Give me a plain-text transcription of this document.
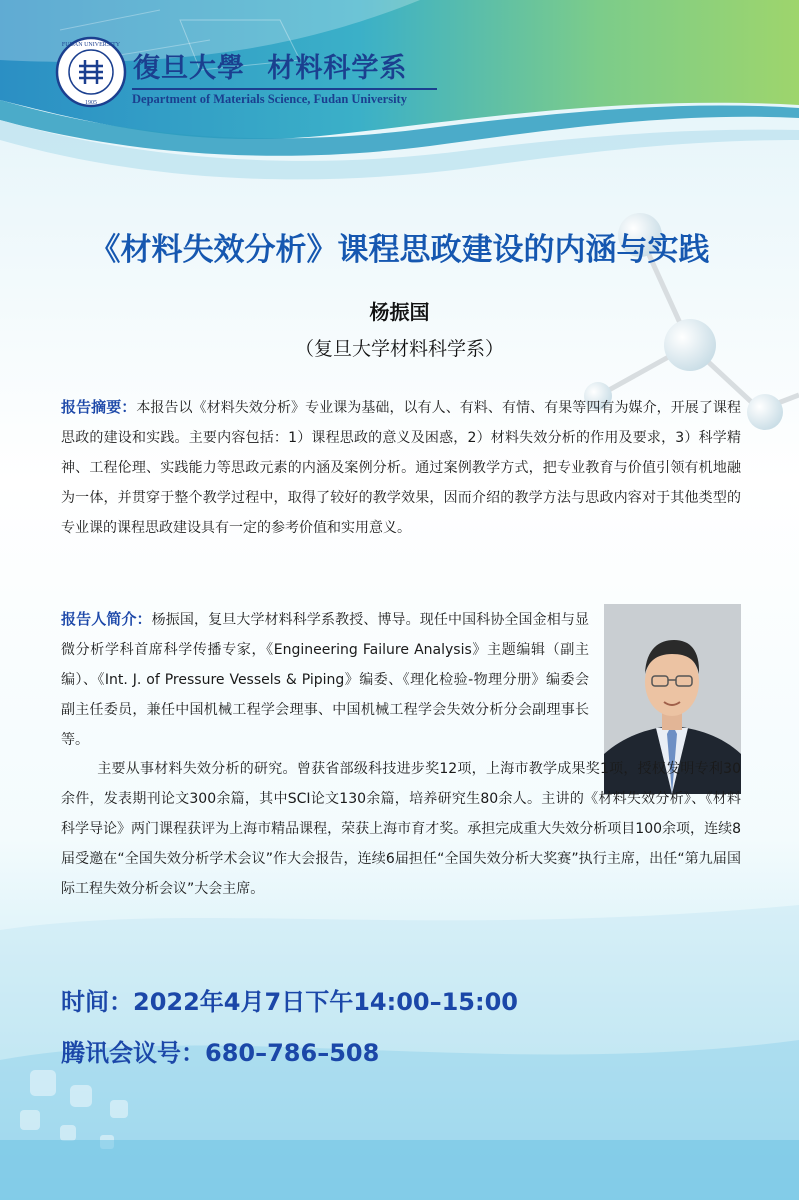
FUDAN UNIVERSITY
1905
復旦大學 材料科学系
Department of Materials Science, Fudan University
《材料失效分析》课程思政建设的内涵与实践
杨振国
（复旦大学材料科学系）
报告摘要：本报告以《材料失效分析》专业课为基础，以有人、有料、有情、有果等四有为媒介，开展了课程思政的建设和实践。主要内容包括：1）课程思政的意义及困惑，2）材料失效分析的作用及要求，3）科学精神、工程伦理、实践能力等思政元素的内涵及案例分析。通过案例教学方式，把专业教育与价值引领有机地融为一体，并贯穿于整个教学过程中，取得了较好的教学效果，因而介绍的教学方法与思政内容对于其他类型的专业课的课程思政建设具有一定的参考价值和实用意义。
报告人简介：杨振国，复旦大学材料科学系教授、博导。现任中国科协全国金相与显微分析学科首席科学传播专家，《Engineering Failure Analysis》主题编辑（副主编）、《Int. J. of Pressure Vessels & Piping》编委、《理化检验-物理分册》编委会副主任委员，兼任中国机械工程学会理事、中国机械工程学会失效分析分会副理事长等。
主要从事材料失效分析的研究。曾获省部级科技进步奖12项，上海市教学成果奖1项，授权发明专利30余件，发表期刊论文300余篇，其中SCI论文130余篇，培养研究生80余人。主讲的《材料失效分析》、《材料科学导论》两门课程获评为上海市精品课程，荣获上海市育才奖。承担完成重大失效分析项目100余项，连续8届受邀在“全国失效分析学术会议”作大会报告，连续6届担任“全国失效分析大奖赛”执行主席，出任“第九届国际工程失效分析会议”大会主席。
时间：2022年4月7日下午14:00–15:00
腾讯会议号：680–786–508
